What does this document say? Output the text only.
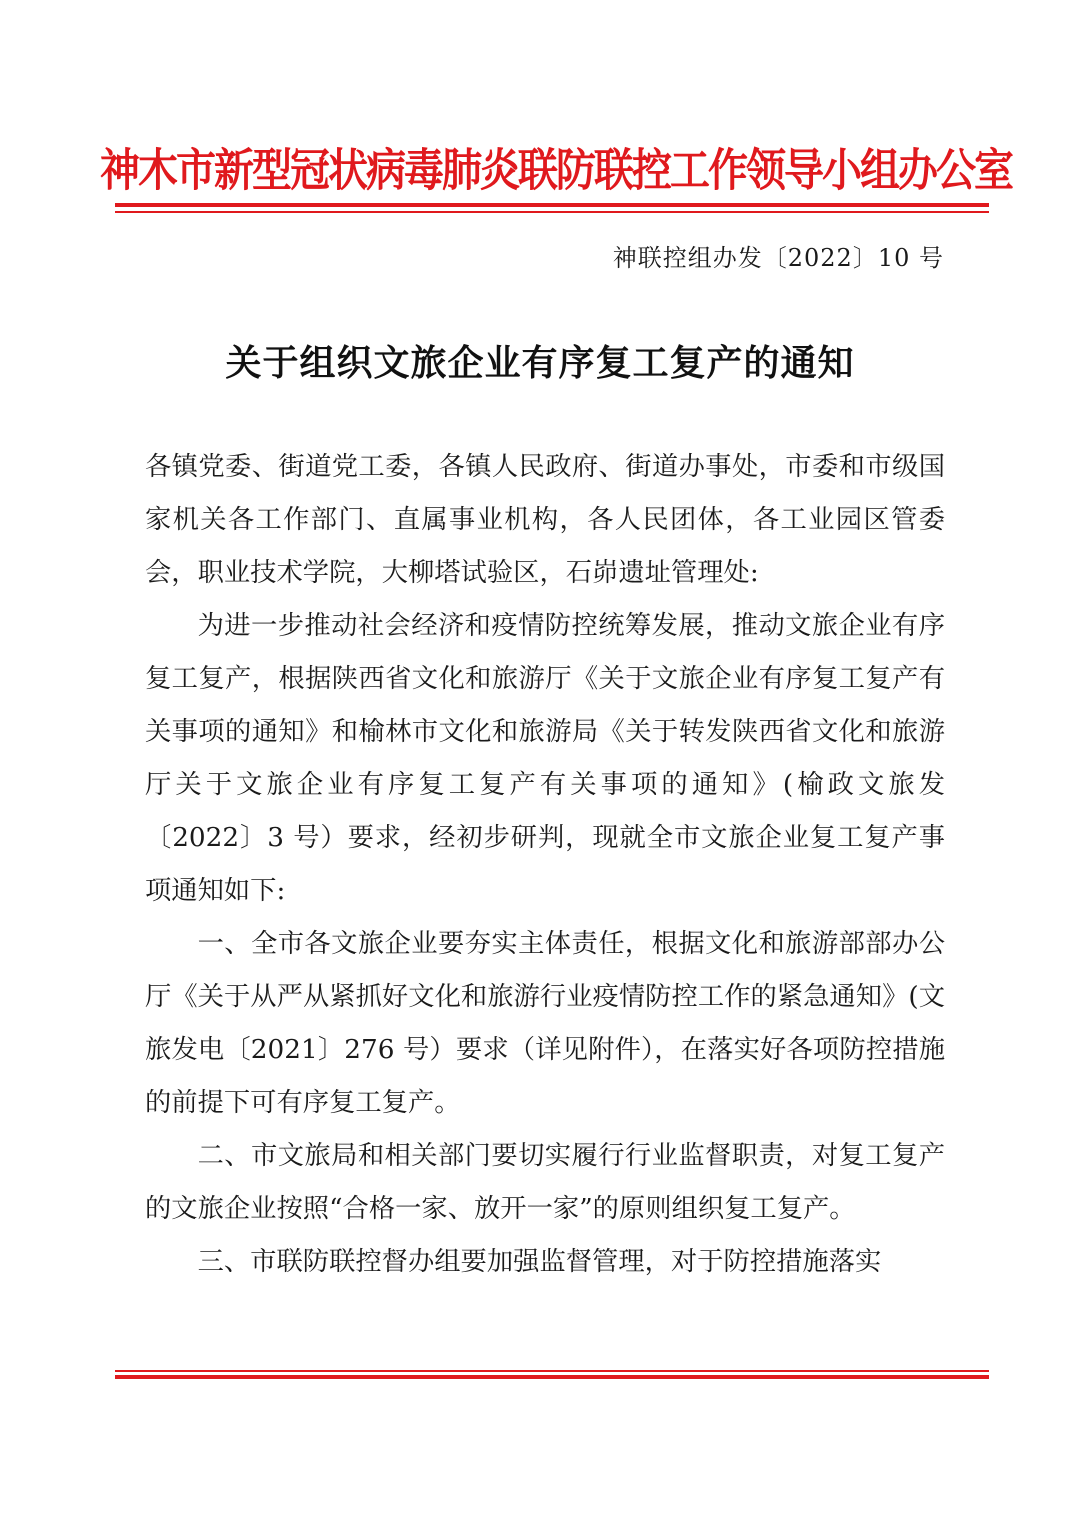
神木市新型冠状病毒肺炎联防联控工作领导小组办公室
神联控组办发〔2022〕10 号
关于组织文旅企业有序复工复产的通知

各镇党委、街道党工委，各镇人民政府、街道办事处，市委和市级国家机关各工作部门、直属事业机构，各人民团体，各工业园区管委会，职业技术学院，大柳塔试验区，石峁遗址管理处:

为进一步推动社会经济和疫情防控统筹发展，推动文旅企业有序复工复产，根据陕西省文化和旅游厅《关于文旅企业有序复工复产有关事项的通知》和榆林市文化和旅游局《关于转发陕西省文化和旅游厅关于文旅企业有序复工复产有关事项的通知》(榆政文旅发〔2022〕3 号）要求，经初步研判，现就全市文旅企业复工复产事项通知如下:

一、全市各文旅企业要夯实主体责任，根据文化和旅游部部办公厅《关于从严从紧抓好文化和旅游行业疫情防控工作的紧急通知》(文旅发电〔2021〕276 号）要求（详见附件），在落实好各项防控措施的前提下可有序复工复产。

二、市文旅局和相关部门要切实履行行业监督职责，对复工复产的文旅企业按照“合格一家、放开一家”的原则组织复工复产。

三、市联防联控督办组要加强监督管理，对于防控措施落实
